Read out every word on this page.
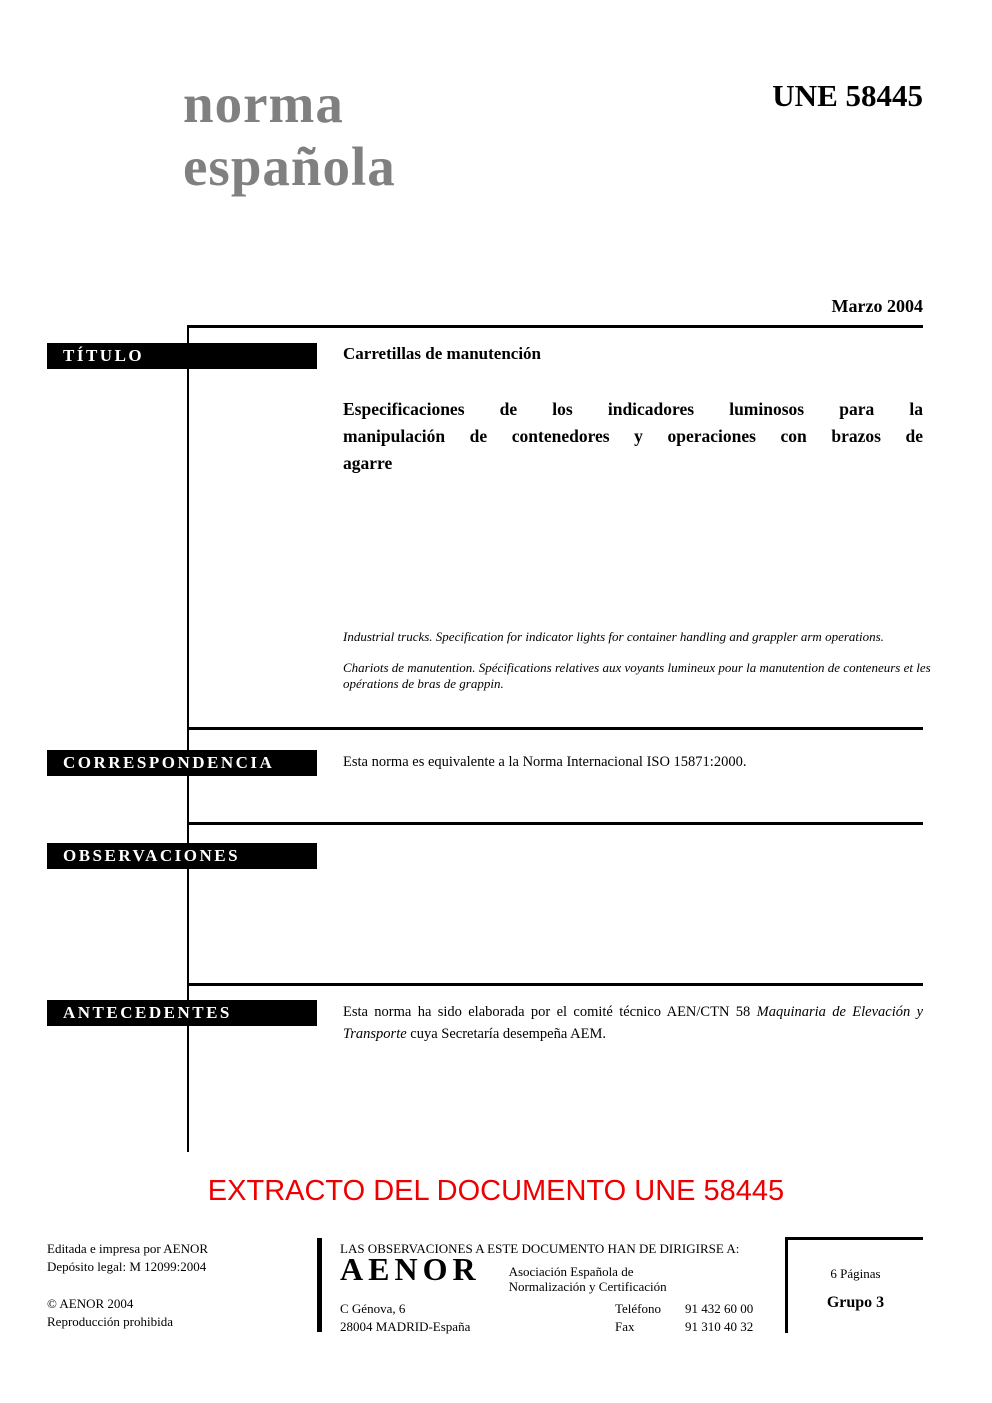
norma
española
UNE 58445
Marzo 2004
TÍTULO	Carretillas de manutención
Especificaciones de los indicadores luminosos para la
manipulación de contenedores y operaciones con brazos de
agarre
Industrial trucks. Specification for indicator lights for container handling and grappler arm operations.
Chariots de manutention. Spécifications relatives aux voyants lumineux pour la manutention de conteneurs et les opérations de bras de grappin.
CORRESPONDENCIA	Esta norma es equivalente a la Norma Internacional ISO 15871:2000.
OBSERVACIONES
ANTECEDENTES	Esta norma ha sido elaborada por el comité técnico AEN/CTN 58 Maquinaria de Elevación y Transporte cuya Secretaría desempeña AEM.
EXTRACTO DEL DOCUMENTO UNE 58445
Editada e impresa por AENOR
Depósito legal: M 12099:2004
© AENOR 2004
Reproducción prohibida
LAS OBSERVACIONES A ESTE DOCUMENTO HAN DE DIRIGIRSE A:
AENOR Asociación Española de
Normalización y Certificación
C Génova, 6
28004 MADRID-España
Teléfono 91 432 60 00
Fax	91 310 40 32
6 Páginas
Grupo 3
